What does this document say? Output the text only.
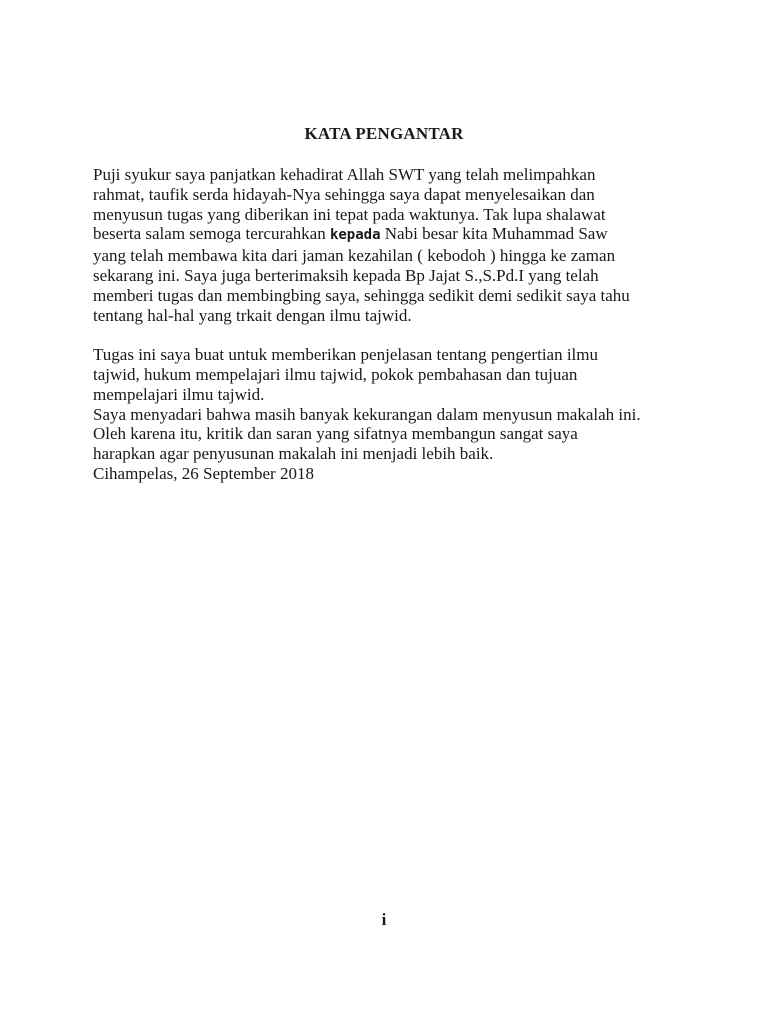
KATA PENGANTAR
Puji syukur saya panjatkan kehadirat Allah SWT yang telah melimpahkan
rahmat, taufik serda hidayah-Nya sehingga saya dapat menyelesaikan dan
menyusun tugas yang diberikan ini tepat pada waktunya. Tak lupa shalawat
beserta salam semoga tercurahkan kepada Nabi besar kita Muhammad Saw
yang telah membawa kita dari jaman kezahilan ( kebodoh ) hingga ke zaman
sekarang ini. Saya juga berterimaksih kepada Bp Jajat S.,S.Pd.I yang telah
memberi tugas dan membingbing saya, sehingga sedikit demi sedikit saya tahu
tentang hal-hal yang trkait dengan ilmu tajwid.
Tugas ini saya buat untuk memberikan penjelasan tentang pengertian ilmu
tajwid, hukum mempelajari ilmu tajwid, pokok pembahasan dan tujuan
mempelajari ilmu tajwid.
Saya menyadari bahwa masih banyak kekurangan dalam menyusun makalah ini.
Oleh karena itu, kritik dan saran yang sifatnya membangun sangat saya
harapkan agar penyusunan makalah ini menjadi lebih baik.
Cihampelas, 26 September 2018
i
